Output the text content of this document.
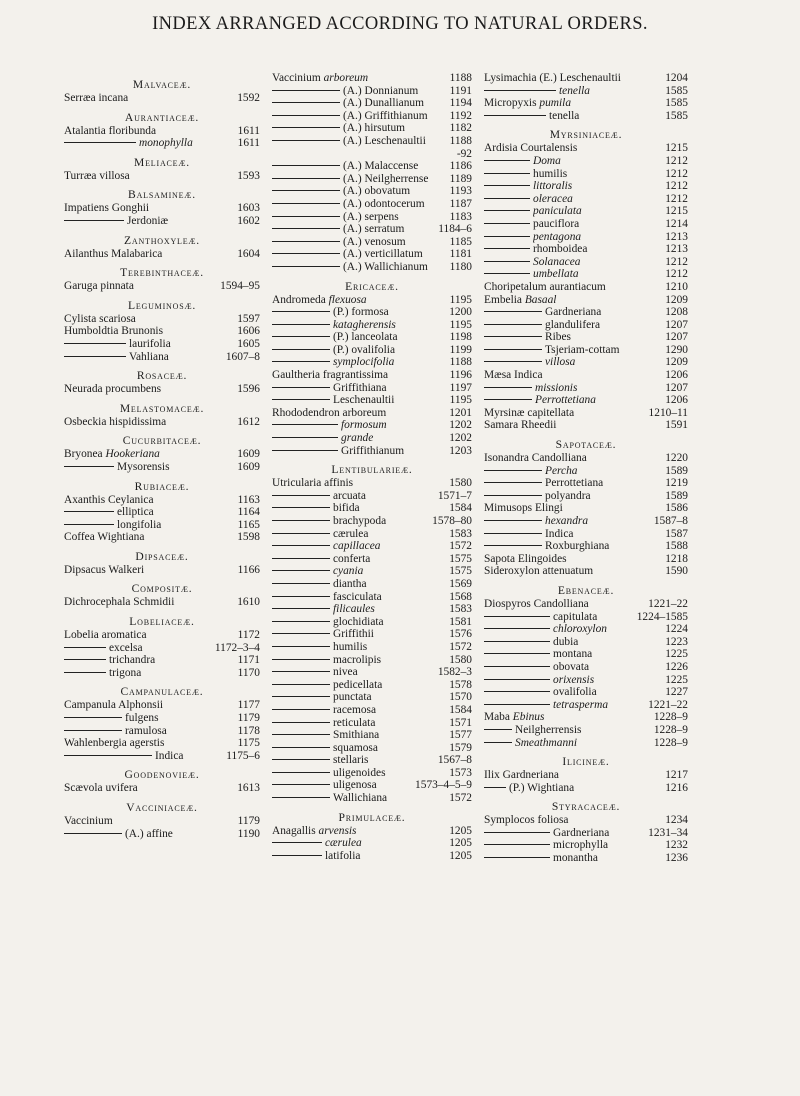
INDEX ARRANGED ACCORDING TO NATURAL ORDERS.
Malvaceæ.
Serræa incana	1592
Aurantiaceæ.
Atalantia floribunda	1611
monophylla	1611
Meliaceæ.
Turræa villosa	1593
Balsamineæ.
Impatiens Gonghii	1603
Jerdoniæ	1602
Zanthoxyleæ.
Ailanthus Malabarica	1604
Terebinthaceæ.
Garuga pinnata	1594–95
Leguminosæ.
Cylista scariosa	1597
Humboldtia Brunonis	1606
laurifolia	1605
Vahliana	1607–8
Rosaceæ.
Neurada procumbens	1596
Melastomaceæ.
Osbeckia hispidissima	1612
Cucurbitaceæ.
Bryonea Hookeriana	1609
Mysorensis	1609
Rubiaceæ.
Axanthis Ceylanica	1163
elliptica	1164
longifolia	1165
Coffea Wightiana	1598
Dipsaceæ.
Dipsacus Walkeri	1166
Compositæ.
Dichrocephala Schmidii	1610
Lobeliaceæ.
Lobelia aromatica	1172
excelsa	1172–3–4
trichandra	1171
trigona	1170
Campanulaceæ.
Campanula Alphonsii	1177
fulgens	1179
ramulosa	1178
Wahlenbergia agerstis	1175
Indica	1175–6
Goodenovieæ.
Scævola uvifera	1613
Vacciniaceæ.
Vaccinium	1179
(A.) affine	1190
Vaccinium arboreum	1188
(A.) Donnianum	1191
(A.) Dunallianum	1194
(A.) Griffithianum	1192
(A.) hirsutum	1182
(A.) Leschenaultii	1188
-92
(A.) Malaccense	1186
(A.) Neilgherrense	1189
(A.) obovatum	1193
(A.) odontocerum	1187
(A.) serpens	1183
(A.) serratum	1184–6
(A.) venosum	1185
(A.) verticillatum	1181
(A.) Wallichianum	1180
Ericaceæ.
Andromeda flexuosa	1195
(P.) formosa	1200
katagherensis	1195
(P.) lanceolata	1198
(P.) ovalifolia	1199
symplocifolia	1188
Gaultheria fragrantissima	1196
Griffithiana	1197
Leschenaultii	1195
Rhododendron arboreum	1201
formosum	1202
grande	1202
Griffithianum	1203
Lentibulariеæ.
Utricularia affinis	1580
arcuata	1571–7
bifida	1584
brachypoda	1578–80
cærulea	1583
capillacea	1572
conferta	1575
cyania	1575
diantha	1569
fasciculata	1568
filicaules	1583
glochidiata	1581
Griffithii	1576
humilis	1572
macrolipis	1580
nivea	1582–3
pedicellata	1578
punctata	1570
racemosa	1584
reticulata	1571
Smithiana	1577
squamosa	1579
stellaris	1567–8
uligenoides	1573
uligenosa	1573–4–5–9
Wallichiana	1572
Primulaceæ.
Anagallis arvensis	1205
cærulea	1205
latifolia	1205
Lysimachia (E.) Leschenaultii	1204
tenella	1585
Micropyxis pumila	1585
tenella	1585
Myrsiniaceæ.
Ardisia Courtalensis	1215
Doma	1212
humilis	1212
littoralis	1212
oleracea	1212
paniculata	1215
pauciflora	1214
pentagona	1213
rhomboidea	1213
Solanacea	1212
umbellata	1212
Choripetalum aurantiacum	1210
Embelia Basaal	1209
Gardneriana	1208
glandulifera	1207
Ribes	1207
Tsjeriam-cottam	1290
villosa	1209
Mæsa Indica	1206
missionis	1207
Perrottetiana	1206
Myrsinæ capitellata	1210–11
Samara Rheedii	1591
Sapotaceæ.
Isonandra Candolliana	1220
Percha	1589
Perrottetiana	1219
polyandra	1589
Mimusops Elingi	1586
hexandra	1587–8
Indica	1587
Roxburghiana	1588
Sapota Elingoides	1218
Sideroxylon attenuatum	1590
Ebenaceæ.
Diospyros Candolliana	1221–22
capitulata	1224–1585
chloroxylon	1224
dubia	1223
montana	1225
obovata	1226
orixensis	1225
ovalifolia	1227
tetrasperma	1221–22
Maba Ebinus	1228–9
Neilgherrensis	1228–9
Smeathmanni	1228–9
Ilicineæ.
Ilix Gardneriana	1217
(P.) Wightiana	1216
Styracaceæ.
Symplocos foliosa	1234
Gardneriana	1231–34
microphylla	1232
monantha	1236
